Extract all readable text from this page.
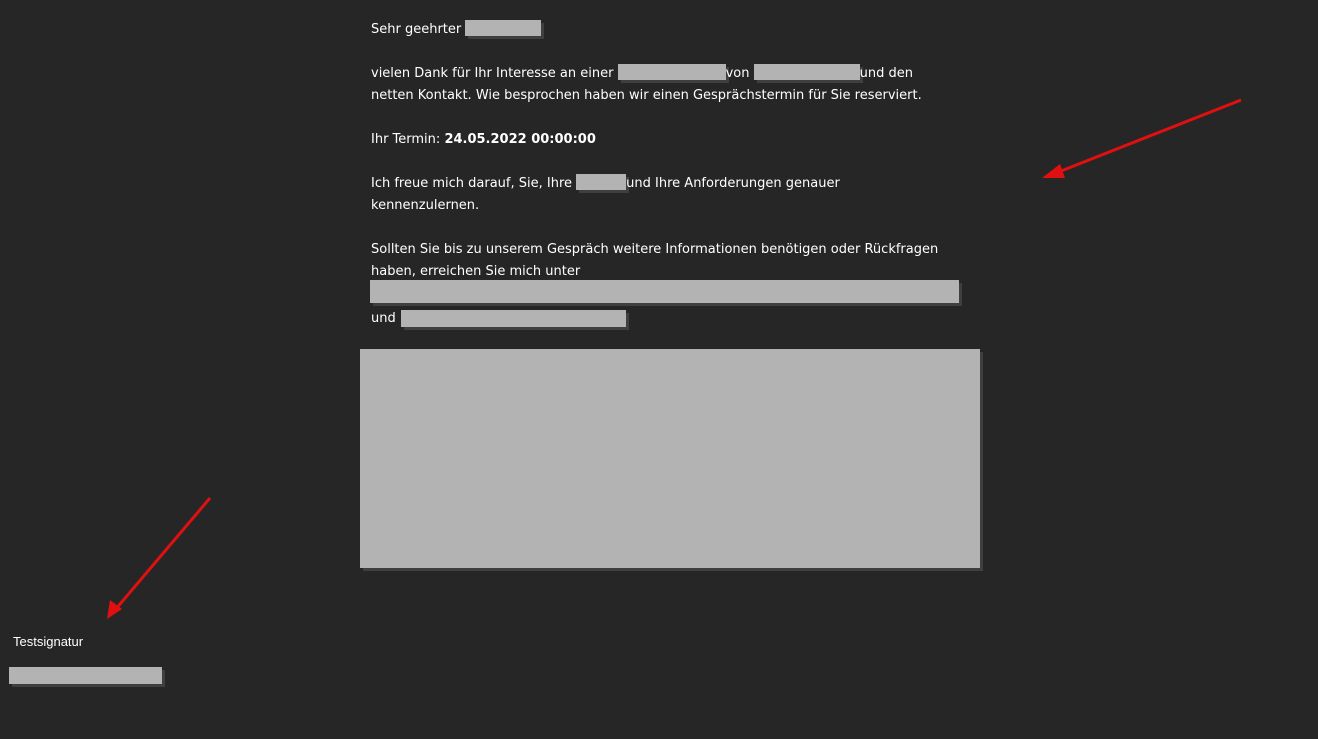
Sehr geehrter
vielen Dank für Ihr Interesse an einer	von	und den
netten Kontakt. Wie besprochen haben wir einen Gesprächstermin für Sie reserviert.
Ihr Termin: 24.05.2022 00:00:00
Ich freue mich darauf, Sie, Ihre	und Ihre Anforderungen genauer
kennenzulernen.
Sollten Sie bis zu unserem Gespräch weitere Informationen benötigen oder Rückfragen
haben, erreichen Sie mich unter
und
Testsignatur
